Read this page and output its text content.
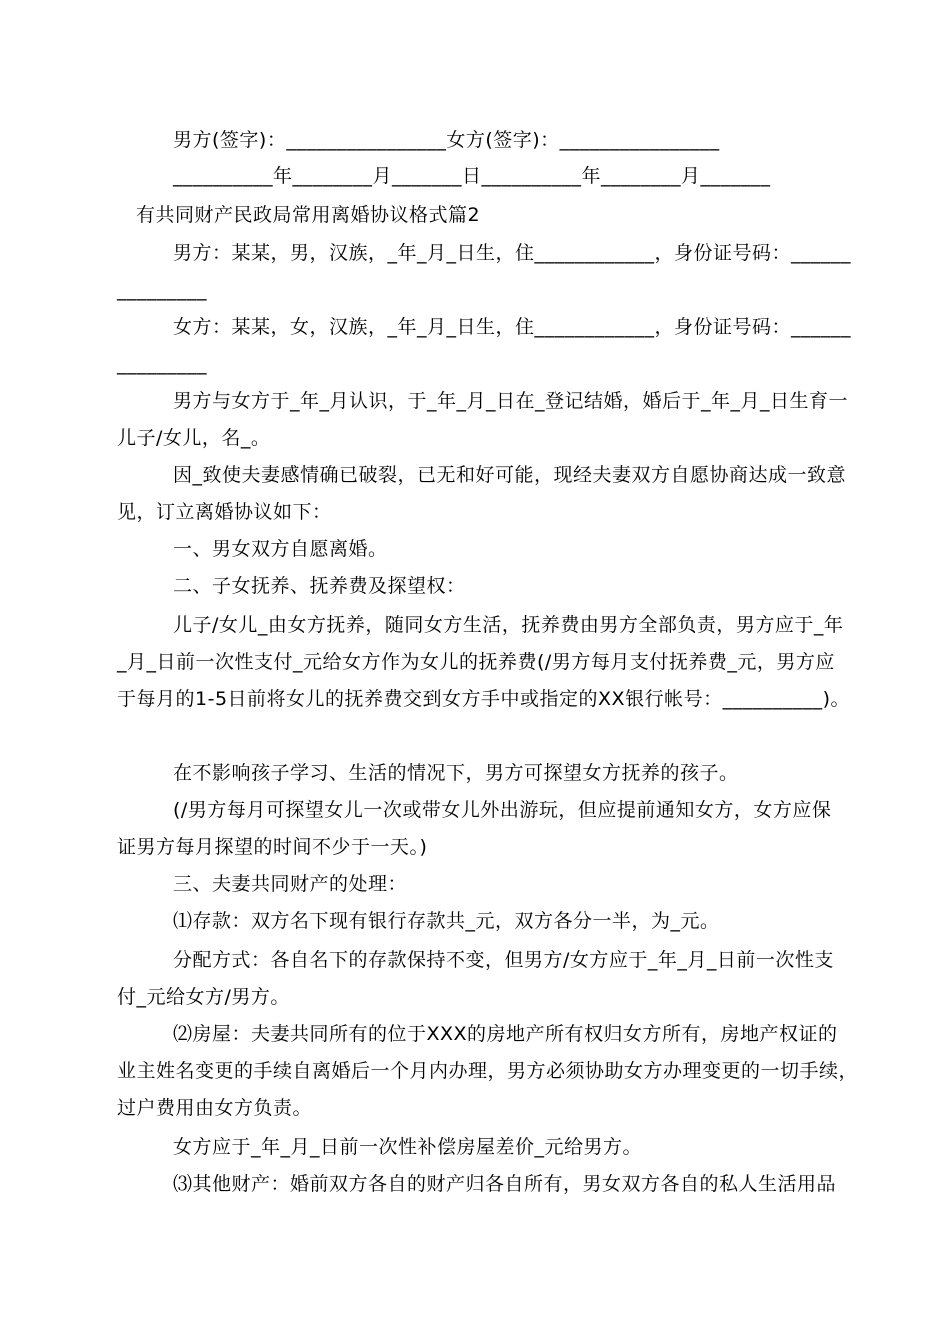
男方(签字)：________________女方(签字)：________________
__________年________月_______日__________年________月_______
有共同财产民政局常用离婚协议格式篇2
男方：某某，男，汉族，_年_月_日生，住____________，身份证号码：______
_________
女方：某某，女，汉族，_年_月_日生，住____________，身份证号码：______
_________
男方与女方于_年_月认识，于_年_月_日在_登记结婚，婚后于_年_月_日生育一
儿子/女儿，名_。
因_致使夫妻感情确已破裂，已无和好可能，现经夫妻双方自愿协商达成一致意
见，订立离婚协议如下：
一、男女双方自愿离婚。
二、子女抚养、抚养费及探望权：
儿子/女儿_由女方抚养，随同女方生活，抚养费由男方全部负责，男方应于_年
_月_日前一次性支付_元给女方作为女儿的抚养费(/男方每月支付抚养费_元，男方应
于每月的1-5日前将女儿的抚养费交到女方手中或指定的XX银行帐号：__________)。
在不影响孩子学习、生活的情况下，男方可探望女方抚养的孩子。
(/男方每月可探望女儿一次或带女儿外出游玩，但应提前通知女方，女方应保
证男方每月探望的时间不少于一天。)
三、夫妻共同财产的处理：
⑴存款：双方名下现有银行存款共_元，双方各分一半，为_元。
分配方式：各自名下的存款保持不变，但男方/女方应于_年_月_日前一次性支
付_元给女方/男方。
⑵房屋：夫妻共同所有的位于XXX的房地产所有权归女方所有，房地产权证的
业主姓名变更的手续自离婚后一个月内办理，男方必须协助女方办理变更的一切手续，
过户费用由女方负责。
女方应于_年_月_日前一次性补偿房屋差价_元给男方。
⑶其他财产：婚前双方各自的财产归各自所有，男女双方各自的私人生活用品
